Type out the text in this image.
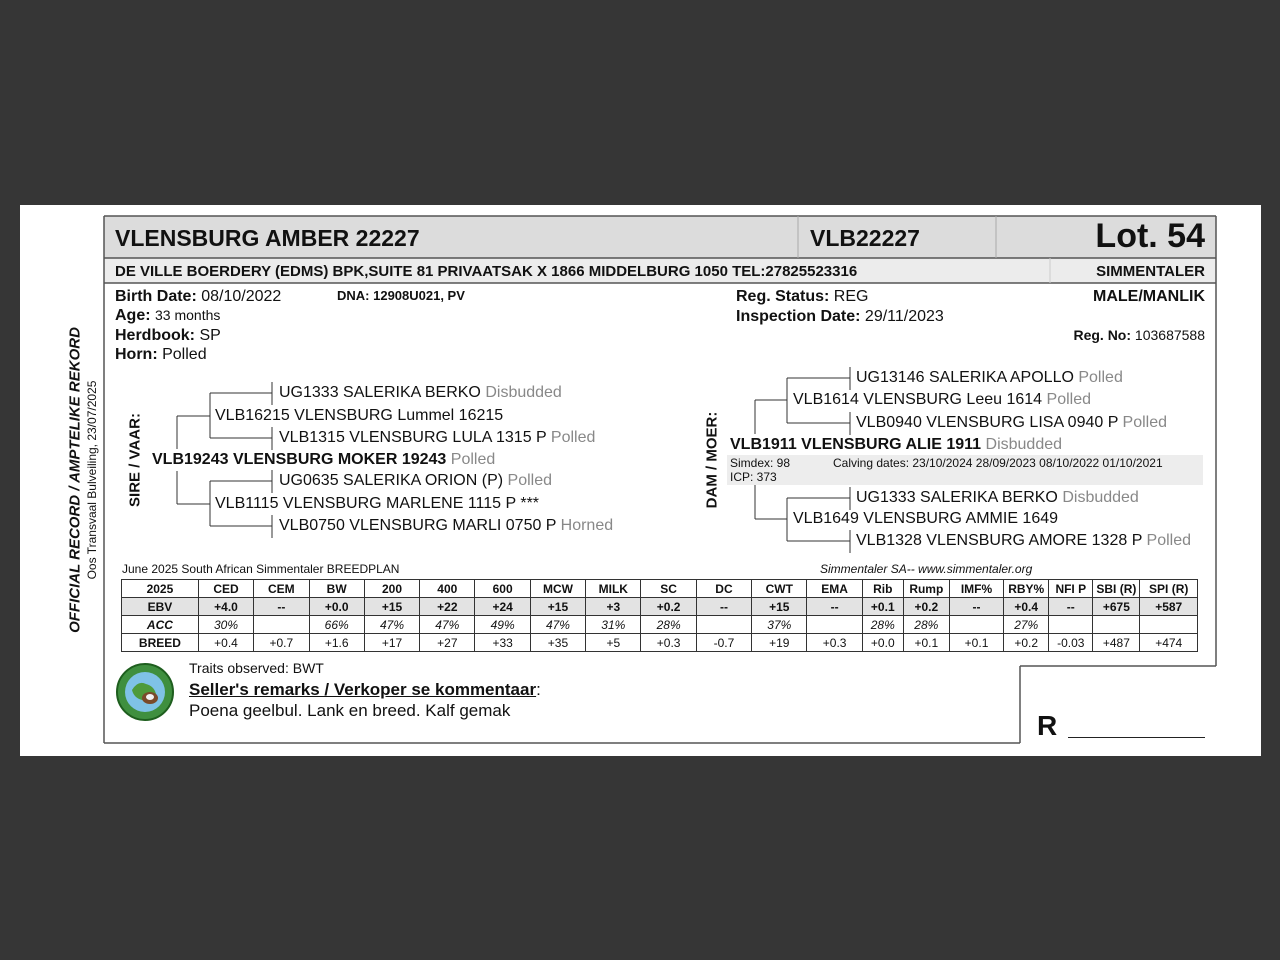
VLENSBURG AMBER 22227	VLB22227	Lot. 54
DE VILLE BOERDERY (EDMS) BPK,SUITE 81 PRIVAATSAK X 1866 MIDDELBURG 1050 TEL:27825523316	SIMMENTALER
Birth Date: 08/10/2022	DNA: 12908U021, PV
Age: 33 months
Herdbook: SP
Horn: Polled
Reg. Status: REG
Inspection Date: 29/11/2023
MALE/MANLIK
Reg. No: 103687588
OFFICIAL RECORD / AMPTELIKE REKORD Oos Transvaal Bulveiling, 23/07/2025 SIRE / VAAR:
UG1333 SALERIKA BERKO Disbudded
VLB16215 VLENSBURG Lummel 16215
VLB1315 VLENSBURG LULA 1315 P Polled
VLB19243 VLENSBURG MOKER 19243 Polled
UG0635 SALERIKA ORION (P) Polled
VLB1115 VLENSBURG MARLENE 1115 P ***
VLB0750 VLENSBURG MARLI 0750 P Horned
DAM / MOER:
UG13146 SALERIKA APOLLO Polled
VLB1614 VLENSBURG Leeu 1614 Polled
VLB0940 VLENSBURG LISA 0940 P Polled
VLB1911 VLENSBURG ALIE 1911 Disbudded
Simdex: 98	Calving dates: 23/10/2024 28/09/2023 08/10/2022 01/10/2021
ICP: 373
UG1333 SALERIKA BERKO Disbudded
VLB1649 VLENSBURG AMMIE 1649
VLB1328 VLENSBURG AMORE 1328 P Polled
June 2025 South African Simmentaler BREEDPLAN	Simmentaler SA-- www.simmentaler.org
2025	CED	CEM	BW	200	400	600	MCW	MILK	SC	DC	CWT	EMA	Rib	Rump	IMF%	RBY%	NFI P	SBI (R)	SPI (R)
EBV	+4.0	--	+0.0	+15	+22	+24	+15	+3	+0.2	--	+15	--	+0.1	+0.2	--	+0.4	--	+675	+587
ACC	30%		66%	47%	47%	49%	47%	31%	28%		37%		28%	28%		27%			
BREED	+0.4	+0.7	+1.6	+17	+27	+33	+35	+5	+0.3	-0.7	+19	+0.3	+0.0	+0.1	+0.1	+0.2	-0.03	+487	+474
Traits observed: BWT
Seller's remarks / Verkoper se kommentaar:
Poena geelbul. Lank en breed. Kalf gemak	R
